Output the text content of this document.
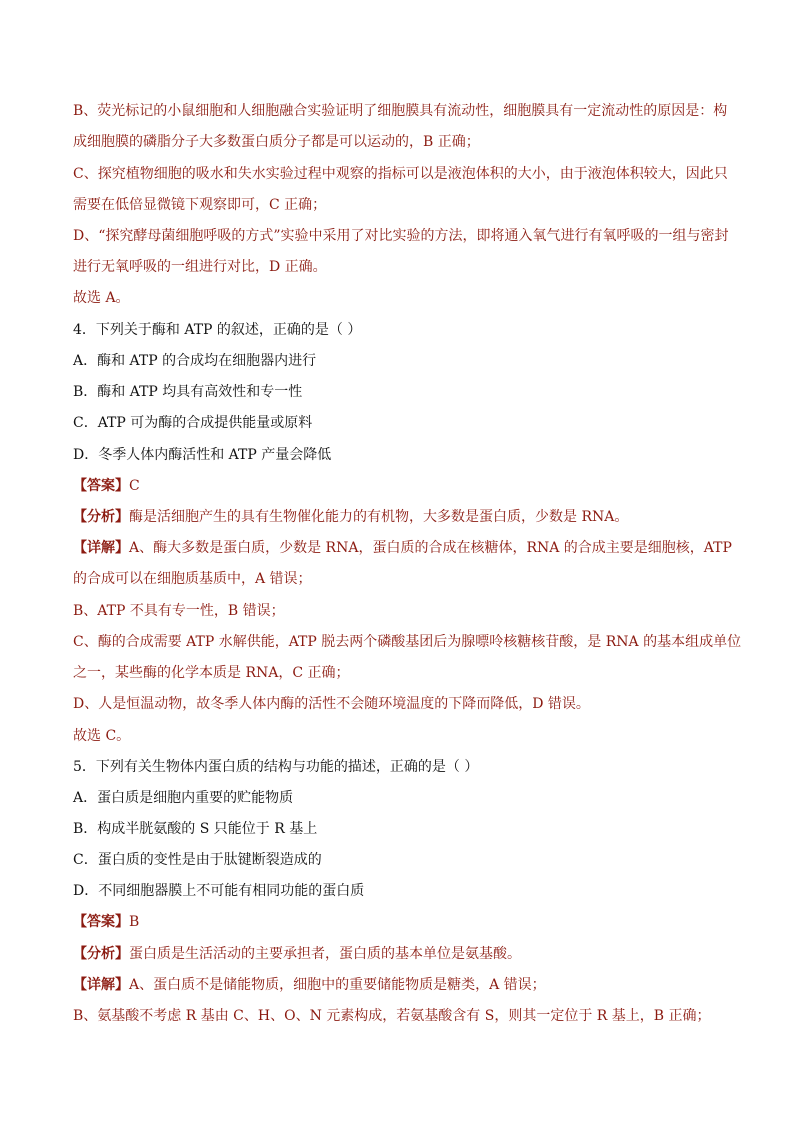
B、荧光标记的小鼠细胞和人细胞融合实验证明了细胞膜具有流动性，细胞膜具有一定流动性的原因是：构
成细胞膜的磷脂分子大多数蛋白质分子都是可以运动的，B 正确；
C、探究植物细胞的吸水和失水实验过程中观察的指标可以是液泡体积的大小，由于液泡体积较大，因此只
需要在低倍显微镜下观察即可，C 正确；
D、“探究酵母菌细胞呼吸的方式”实验中采用了对比实验的方法，即将通入氧气进行有氧呼吸的一组与密封
进行无氧呼吸的一组进行对比，D 正确。
故选 A。
4．下列关于酶和 ATP 的叙述，正确的是（ ）
A．酶和 ATP 的合成均在细胞器内进行
B．酶和 ATP 均具有高效性和专一性
C．ATP 可为酶的合成提供能量或原料
D．冬季人体内酶活性和 ATP 产量会降低
【答案】C
【分析】酶是活细胞产生的具有生物催化能力的有机物，大多数是蛋白质，少数是 RNA。
【详解】A、酶大多数是蛋白质，少数是 RNA，蛋白质的合成在核糖体，RNA 的合成主要是细胞核，ATP
的合成可以在细胞质基质中，A 错误；
B、ATP 不具有专一性，B 错误；
C、酶的合成需要 ATP 水解供能，ATP 脱去两个磷酸基团后为腺嘌呤核糖核苷酸，是 RNA 的基本组成单位
之一，某些酶的化学本质是 RNA，C 正确；
D、人是恒温动物，故冬季人体内酶的活性不会随环境温度的下降而降低，D 错误。
故选 C。
5．下列有关生物体内蛋白质的结构与功能的描述，正确的是（ ）
A．蛋白质是细胞内重要的贮能物质
B．构成半胱氨酸的 S 只能位于 R 基上
C．蛋白质的变性是由于肽键断裂造成的
D．不同细胞器膜上不可能有相同功能的蛋白质
【答案】B
【分析】蛋白质是生活活动的主要承担者，蛋白质的基本单位是氨基酸。
【详解】A、蛋白质不是储能物质，细胞中的重要储能物质是糖类，A 错误；
B、氨基酸不考虑 R 基由 C、H、O、N 元素构成，若氨基酸含有 S，则其一定位于 R 基上，B 正确；
